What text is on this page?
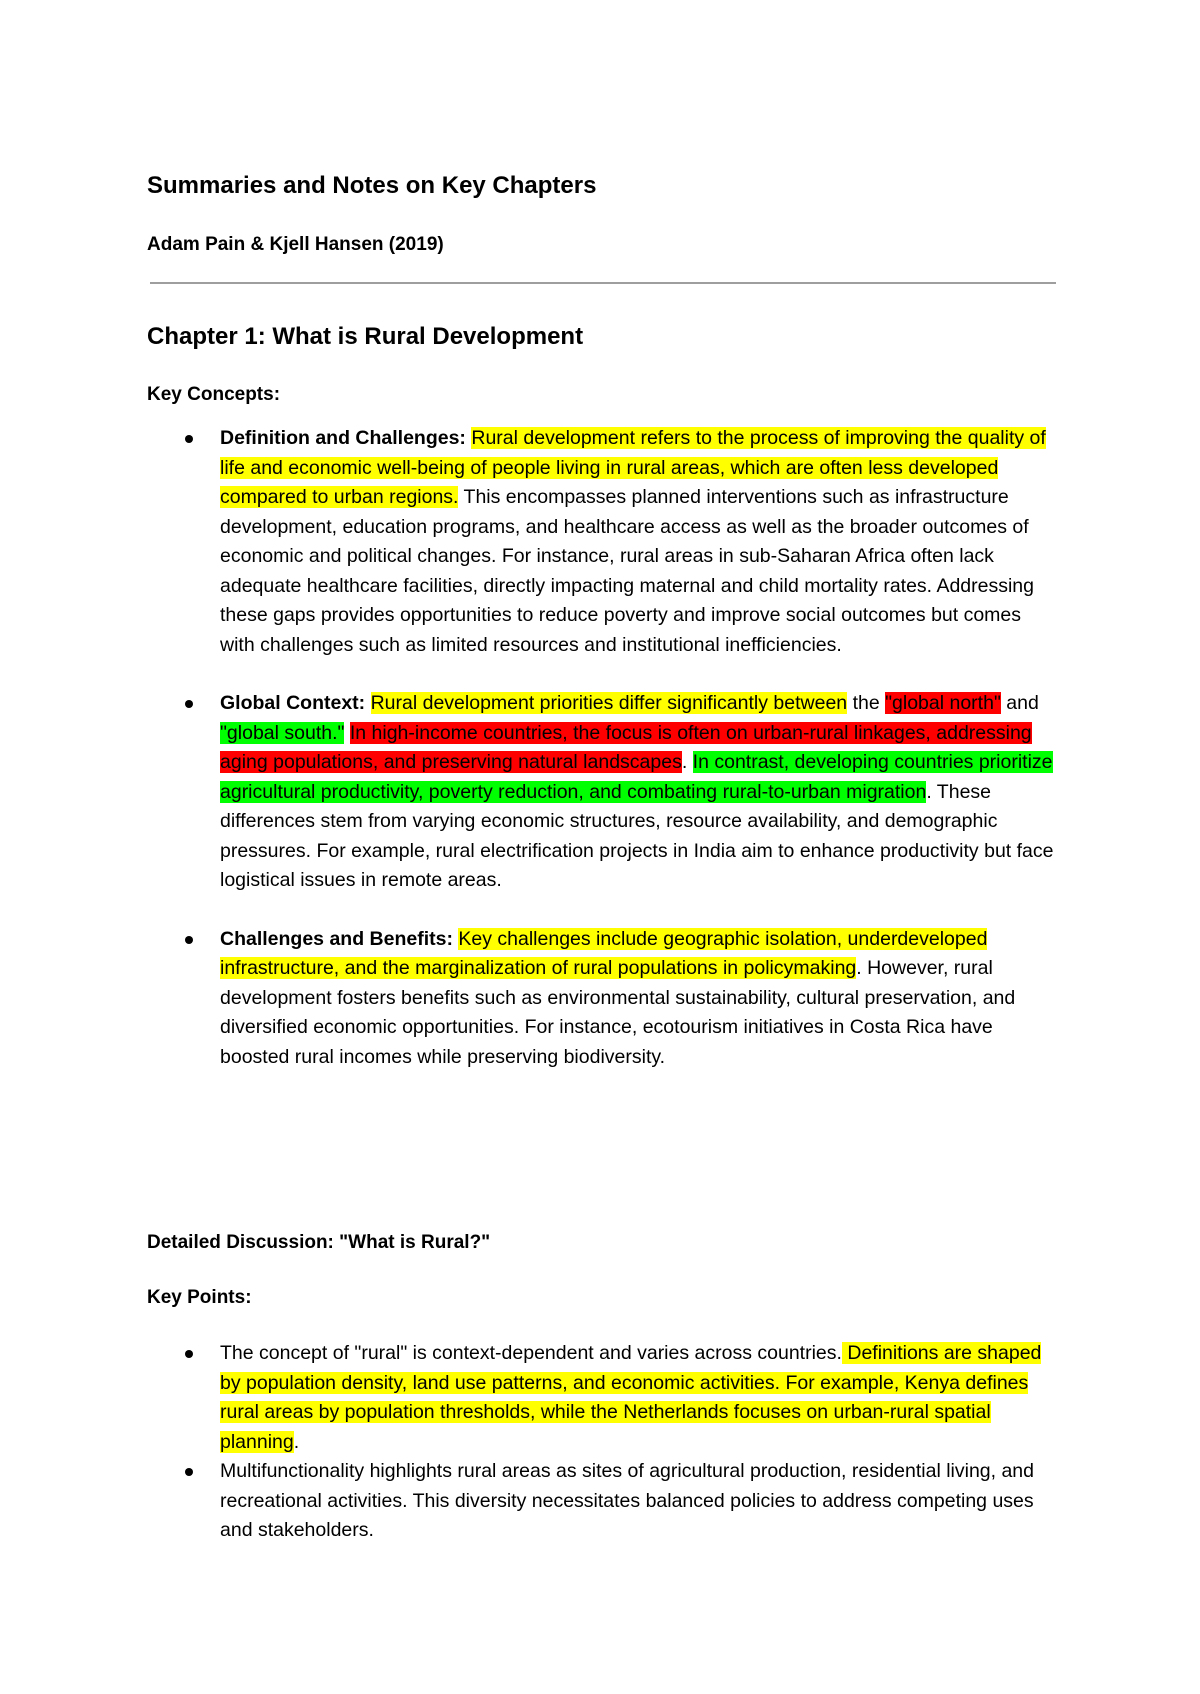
Summaries and Notes on Key Chapters

Adam Pain & Kjell Hansen (2019)

Chapter 1: What is Rural Development

Key Concepts:

Definition and Challenges: Rural development refers to the process of improving the quality of life and economic well-being of people living in rural areas, which are often less developed compared to urban regions. This encompasses planned interventions such as infrastructure development, education programs, and healthcare access as well as the broader outcomes of economic and political changes. For instance, rural areas in sub-Saharan Africa often lack adequate healthcare facilities, directly impacting maternal and child mortality rates. Addressing these gaps provides opportunities to reduce poverty and improve social outcomes but comes with challenges such as limited resources and institutional inefficiencies.
Global Context: Rural development priorities differ significantly between the "global north" and "global south." In high-income countries, the focus is often on urban-rural linkages, addressing aging populations, and preserving natural landscapes. In contrast, developing countries prioritize agricultural productivity, poverty reduction, and combating rural-to-urban migration. These differences stem from varying economic structures, resource availability, and demographic pressures. For example, rural electrification projects in India aim to enhance productivity but face logistical issues in remote areas.
Challenges and Benefits: Key challenges include geographic isolation, underdeveloped infrastructure, and the marginalization of rural populations in policymaking. However, rural development fosters benefits such as environmental sustainability, cultural preservation, and diversified economic opportunities. For instance, ecotourism initiatives in Costa Rica have boosted rural incomes while preserving biodiversity.

Detailed Discussion: "What is Rural?"

Key Points:

The concept of "rural" is context-dependent and varies across countries. Definitions are shaped by population density, land use patterns, and economic activities. For example, Kenya defines rural areas by population thresholds, while the Netherlands focuses on urban-rural spatial planning.
Multifunctionality highlights rural areas as sites of agricultural production, residential living, and recreational activities. This diversity necessitates balanced policies to address competing uses and stakeholders.
